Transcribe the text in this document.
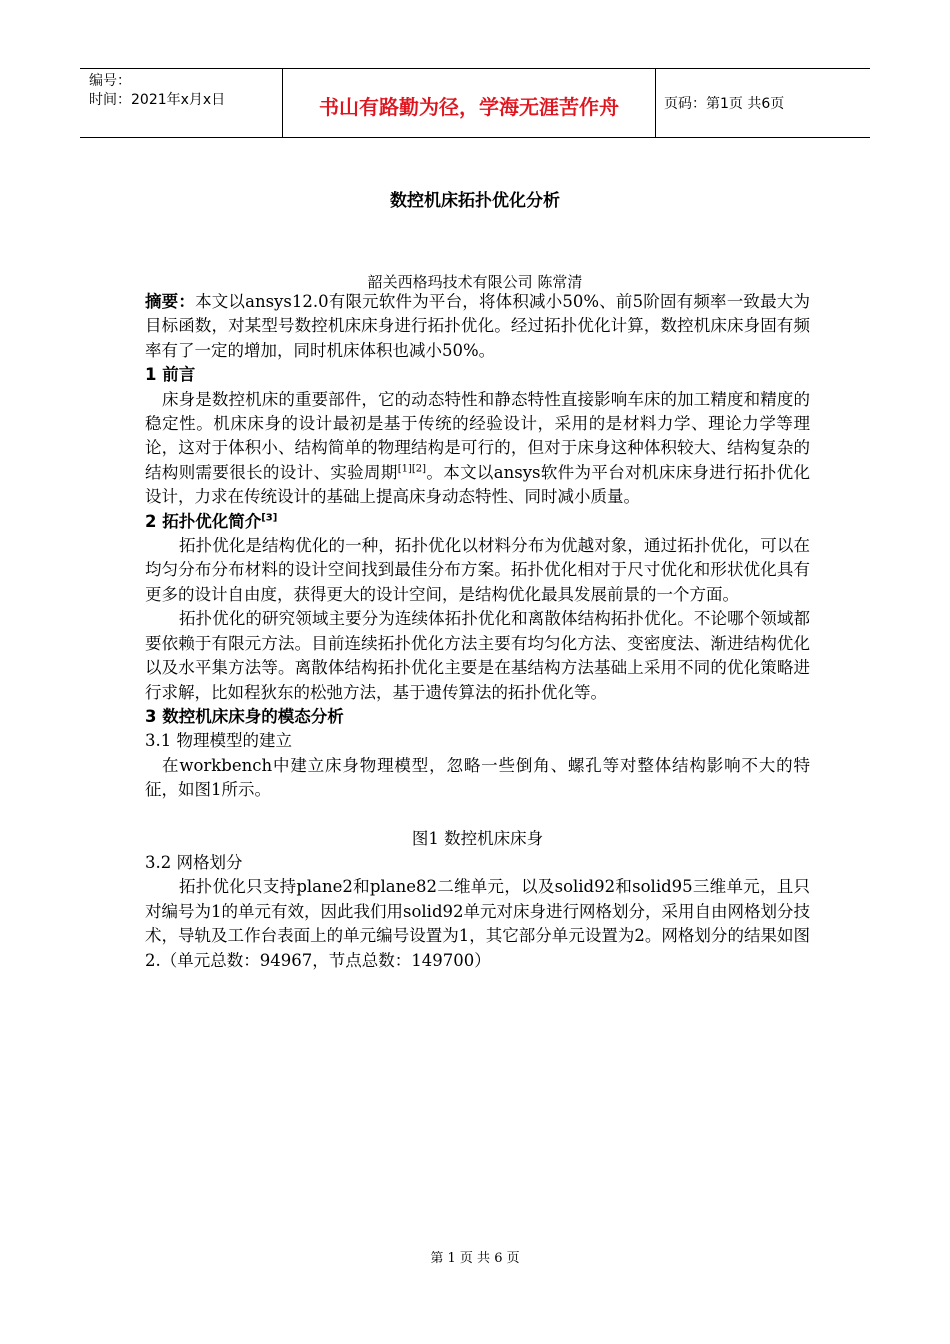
编号：
时间：2021年x月x日	书山有路勤为径，学海无涯苦作舟	页码：第1页 共6页
数控机床拓扑优化分析
韶关西格玛技术有限公司 陈常清

摘要：本文以ansys12.0有限元软件为平台，将体积减小50%、前5阶固有频率一致最大为目标函数，对某型号数控机床床身进行拓扑优化。经过拓扑优化计算，数控机床床身固有频率有了一定的增加，同时机床体积也减小50%。

1 前言

床身是数控机床的重要部件，它的动态特性和静态特性直接影响车床的加工精度和精度的稳定性。机床床身的设计最初是基于传统的经验设计，采用的是材料力学、理论力学等理论，这对于体积小、结构简单的物理结构是可行的，但对于床身这种体积较大、结构复杂的结构则需要很长的设计、实验周期[1][2]。本文以ansys软件为平台对机床床身进行拓扑优化设计，力求在传统设计的基础上提高床身动态特性、同时减小质量。

2 拓扑优化简介[3]

拓扑优化是结构优化的一种，拓扑优化以材料分布为优越对象，通过拓扑优化，可以在均匀分布分布材料的设计空间找到最佳分布方案。拓扑优化相对于尺寸优化和形状优化具有更多的设计自由度，获得更大的设计空间，是结构优化最具发展前景的一个方面。

拓扑优化的研究领域主要分为连续体拓扑优化和离散体结构拓扑优化。不论哪个领域都要依赖于有限元方法。目前连续拓扑优化方法主要有均匀化方法、变密度法、渐进结构优化以及水平集方法等。离散体结构拓扑优化主要是在基结构方法基础上采用不同的优化策略进行求解，比如程狄东的松弛方法，基于遗传算法的拓扑优化等。

3 数控机床床身的模态分析

3.1 物理模型的建立

在workbench中建立床身物理模型，忽略一些倒角、螺孔等对整体结构影响不大的特征，如图1所示。

图1 数控机床床身

3.2 网格划分

拓扑优化只支持plane2和plane82二维单元，以及solid92和solid95三维单元，且只对编号为1的单元有效，因此我们用solid92单元对床身进行网格划分，采用自由网格划分技术，导轨及工作台表面上的单元编号设置为1，其它部分单元设置为2。网格划分的结果如图2.（单元总数：94967，节点总数：149700）

第 1 页 共 6 页
